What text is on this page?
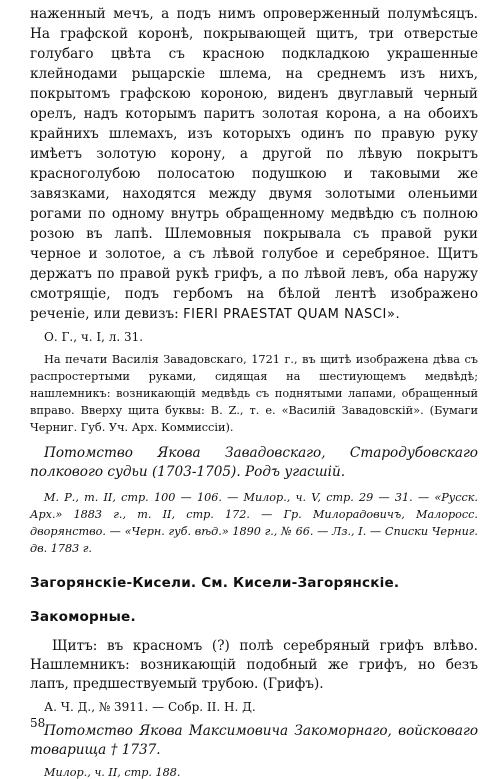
наженный мечъ, а подъ нимъ опроверженный полумѣсяцъ. На графской коронѣ, покрывающей щитъ, три отверстые голубаго цвѣта съ красною подкладкою украшенные клейнодами рыцарскіе шлема, на среднемъ изъ нихъ, покрытомъ графскою короною, виденъ двуглавый черный орелъ, надъ которымъ паритъ золотая корона, а на обоихъ крайнихъ шлемахъ, изъ которыхъ одинъ по правую руку имѣетъ золотую корону, а другой по лѣвую покрытъ красноголубою полосатою подушкою и таковыми же завязками, находятся между двумя золотыми оленьими рогами по одному внутрь обращенному медвѣдю съ полною розою въ лапѣ. Шлемовныя покрывала съ правой руки черное и золотое, а съ лѣвой голубое и серебряное. Щитъ держатъ по правой рукѣ грифъ, а по лѣвой левъ, оба наружу смотрящіе, подъ гербомъ на бѣлой лентѣ изображено реченіе, или девизъ: FIERI PRAESTAT QUAM NASCI».

О. Г., ч. I, л. 31.

На печати Василія Завадовскаго, 1721 г., въ щитѣ изображена дѣва съ распростертыми руками, сидящая на шестиующемъ медвѣдѣ; нашлемникъ: возникающій медвѣдь съ поднятыми лапами, обращенный вправо. Вверху щита буквы: В. Z., т. е. «Василій Завадовскій». (Бумаги Черниг. Губ. Уч. Арх. Коммиссіи).

Потомство Якова Завадовскаго, Стародубовскаго полкового судьи (1703-1705). Родъ угасшій.

М. Р., т. II, стр. 100 — 106. — Милор., ч. V, стр. 29 — 31. — «Русск. Арх.» 1883 г., т. II, стр. 172. — Гр. Милорадовичъ, Малоросс. дворянство. — «Черн. губ. вѣд.» 1890 г., № 66. — Лз., I. — Списки Черниг. дв. 1783 г.

Загорянскіе-Кисели. См. Кисели-Загорянскіе.

Закоморные.

Щитъ: въ красномъ (?) полѣ серебряный грифъ влѣво. Нашлемникъ: возникающій подобный же грифъ, но безъ лапъ, предшествуемый трубою. (Грифъ).

А. Ч. Д., № 3911. — Собр. II. Н. Д.

Потомство Якова Максимовича Закоморнаго, войсковаго товарища † 1737.

Милор., ч. II, стр. 188.

58
